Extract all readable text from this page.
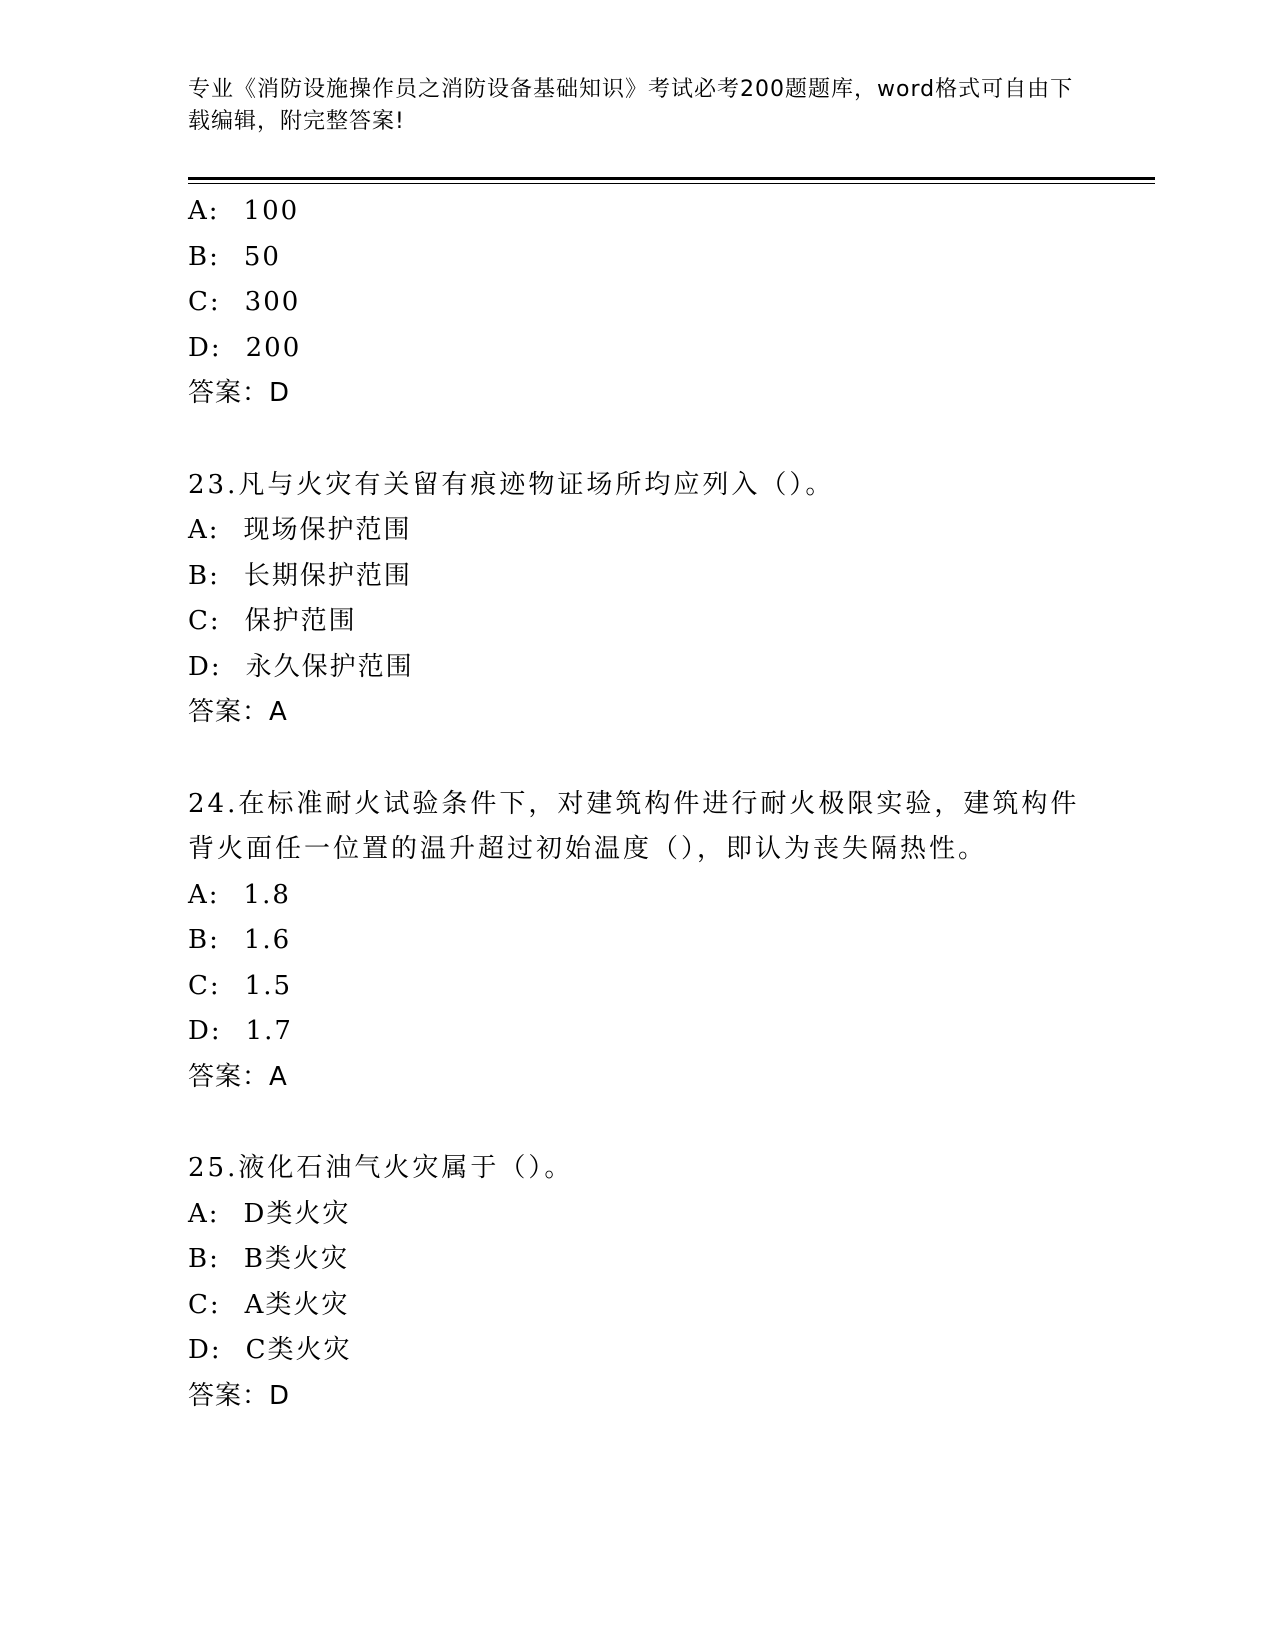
专业《消防设施操作员之消防设备基础知识》考试必考200题题库，word格式可自由下载编辑，附完整答案!
A: 100
B: 50
C: 300
D: 200
答案：D
23.凡与火灾有关留有痕迹物证场所均应列入（）。
A: 现场保护范围
B: 长期保护范围
C: 保护范围
D: 永久保护范围
答案：A
24.在标准耐火试验条件下，对建筑构件进行耐火极限实验，建筑构件背火面任一位置的温升超过初始温度（），即认为丧失隔热性。
A: 1.8
B: 1.6
C: 1.5
D: 1.7
答案：A
25.液化石油气火灾属于（）。
A: D类火灾
B: B类火灾
C: A类火灾
D: C类火灾
答案：D
